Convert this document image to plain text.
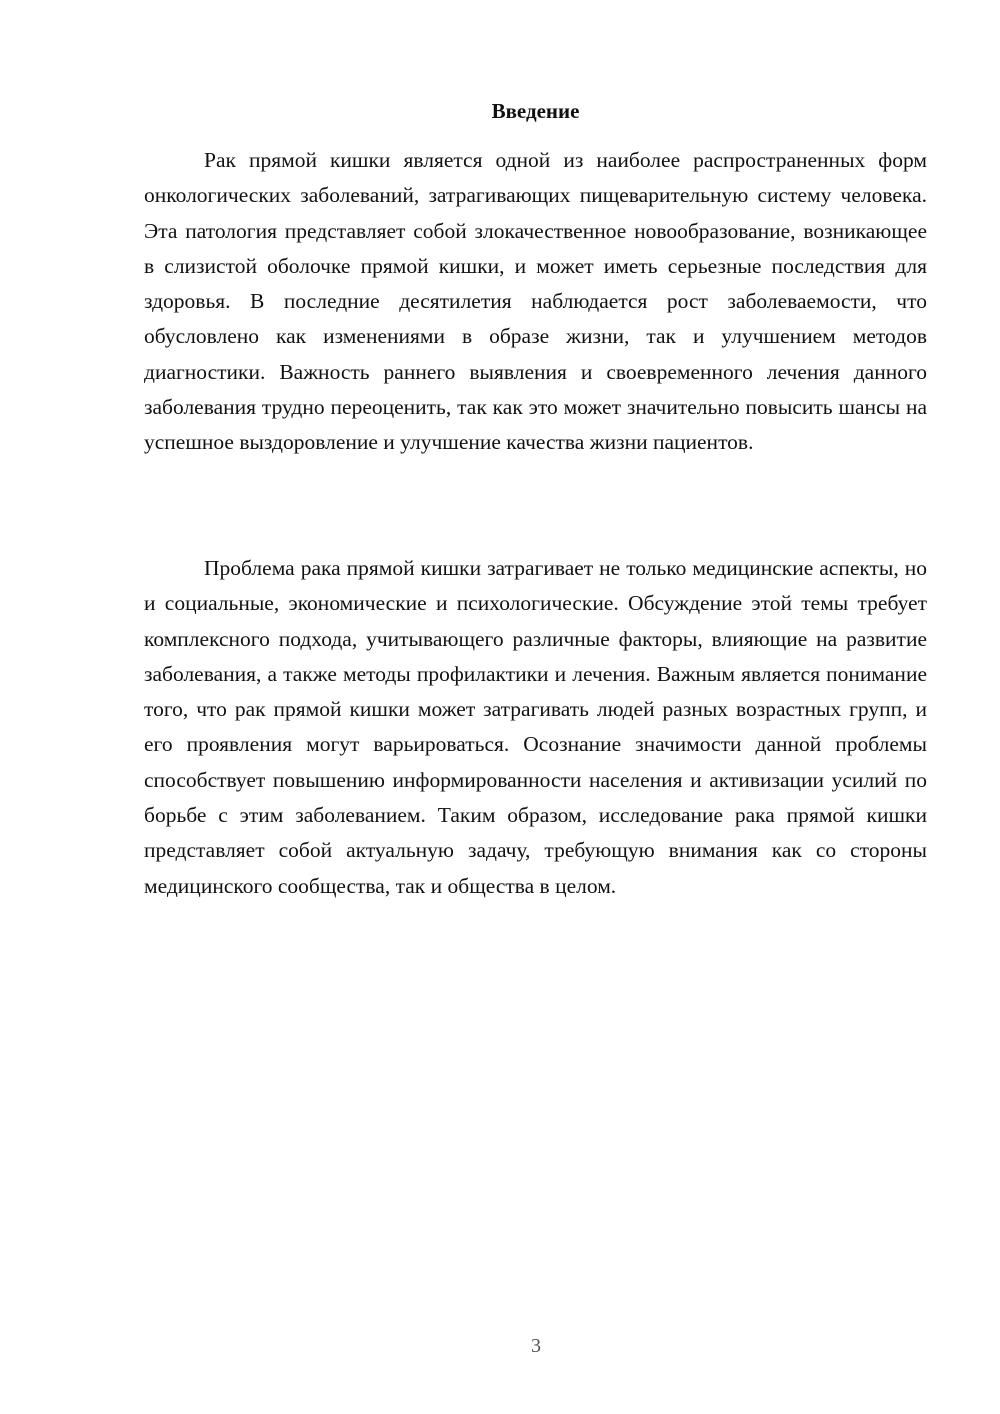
Введение

Рак прямой кишки является одной из наиболее распространенных форм онкологических заболеваний, затрагивающих пищеварительную систему человека. Эта патология представляет собой злокачественное новообразование, возникающее в слизистой оболочке прямой кишки, и может иметь серьезные последствия для здоровья. В последние десятилетия наблюдается рост заболеваемости, что обусловлено как изменениями в образе жизни, так и улучшением методов диагностики. Важность раннего выявления и своевременного лечения данного заболевания трудно переоценить, так как это может значительно повысить шансы на успешное выздоровление и улучшение качества жизни пациентов.

Проблема рака прямой кишки затрагивает не только медицинские аспекты, но и социальные, экономические и психологические. Обсуждение этой темы требует комплексного подхода, учитывающего различные факторы, влияющие на развитие заболевания, а также методы профилактики и лечения. Важным является понимание того, что рак прямой кишки может затрагивать людей разных возрастных групп, и его проявления могут варьироваться. Осознание значимости данной проблемы способствует повышению информированности населения и активизации усилий по борьбе с этим заболеванием. Таким образом, исследование рака прямой кишки представляет собой актуальную задачу, требующую внимания как со стороны медицинского сообщества, так и общества в целом.

3
